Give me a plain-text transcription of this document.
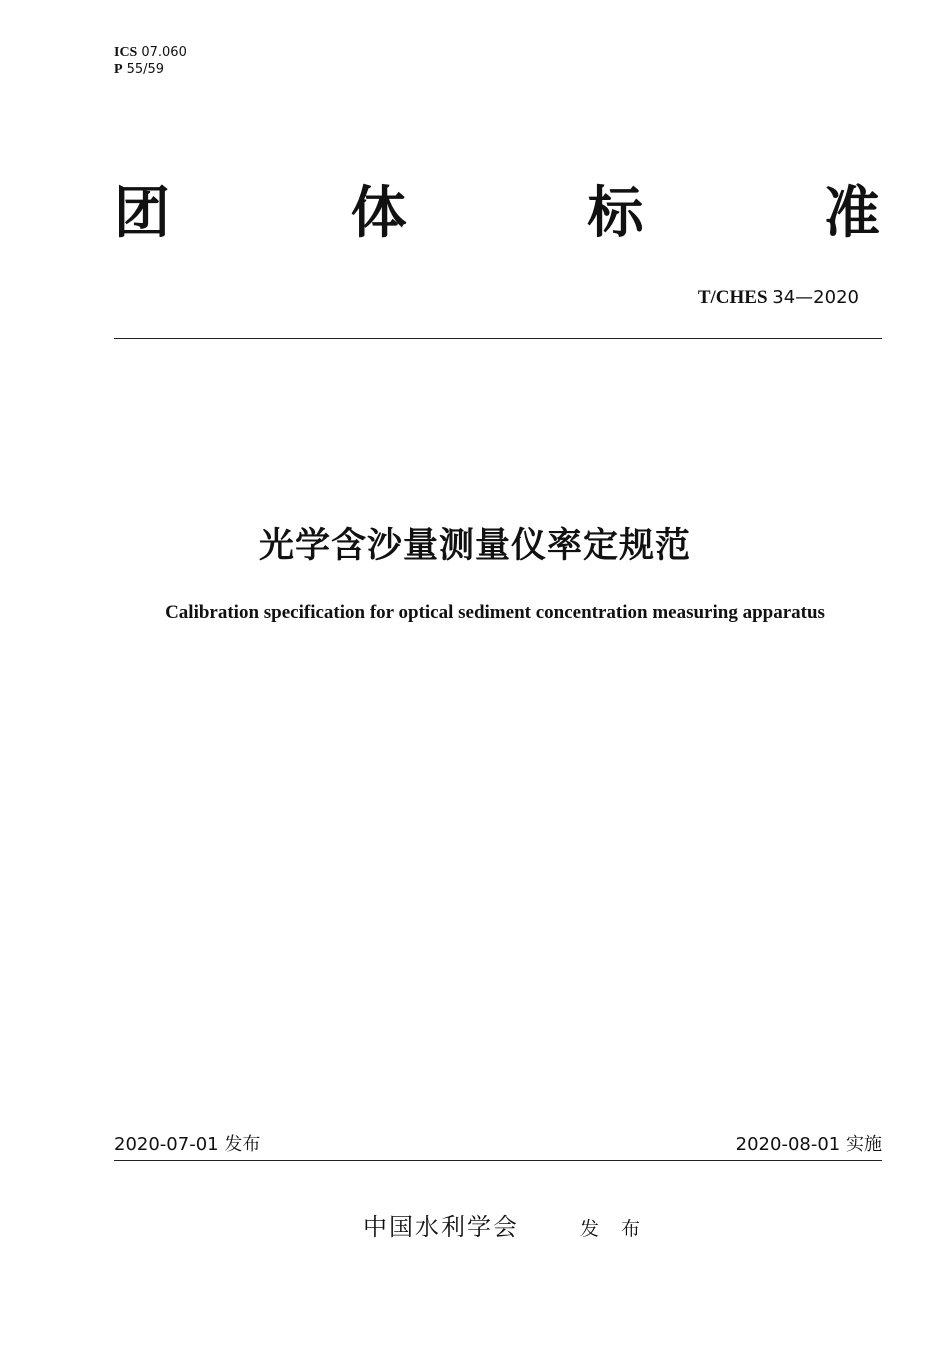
ICS 07.060
P 55/59
团	体	标	准
T/CHES 34—2020
光学含沙量测量仪率定规范
Calibration specification for optical sediment concentration measuring apparatus
2020-07-01 发布	2020-08-01 实施
中国水利学会	发 布
